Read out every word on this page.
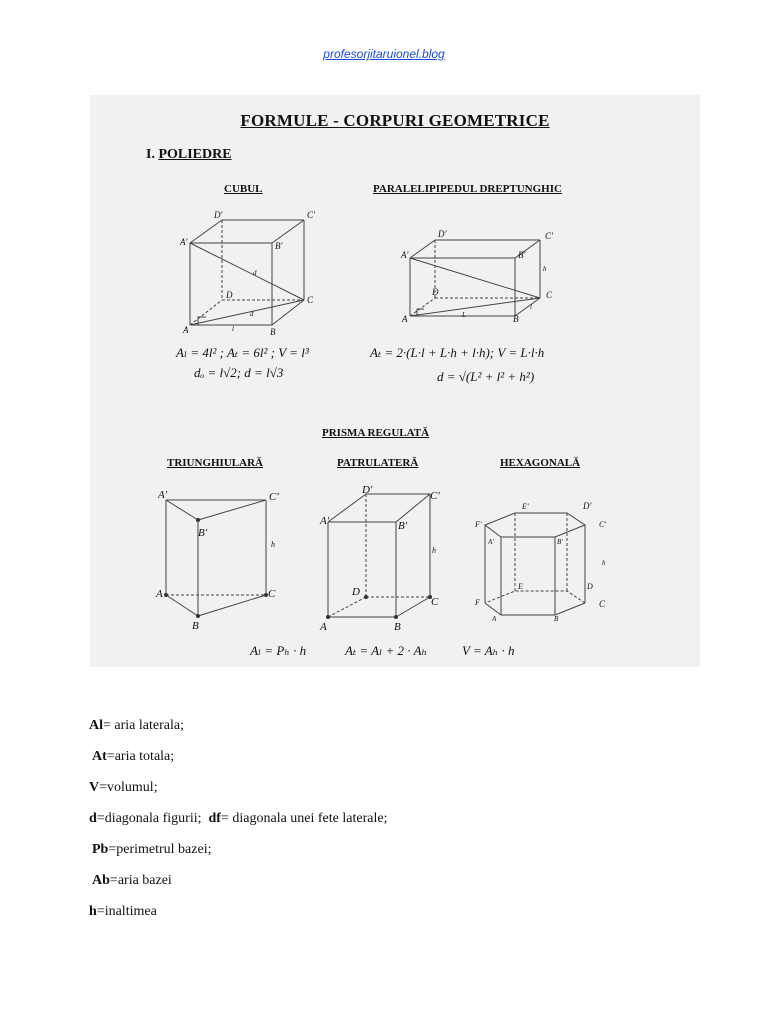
profesorjitaruionel.blog
FORMULE - CORPURI GEOMETRICE
I. POLIEDRE
CUBUL	PARALELIPIPEDUL DREPTUNGHIC
D'	C'
A'	B'
D	C
A	B
d
l
d
D'	C'
A'	B'
D	C
A	B
h
L
l
A'	C'
B'
h
A	C
B
D'	C'
A'	B'
D
C
h
A	B
E'	D'
F'	C'
A'	B'
h
E	D
F	C
A	B
Aₗ = 4l² ; Aₜ = 6l² ; V = l³
dₒ = l√2; d = l√3
Aₜ = 2·(L·l + L·h + l·h); V = L·l·h
d = √(L² + l² + h²)
PRISMA REGULATĂ
TRIUNGHIULARĂ	PATRULATERĂ	HEXAGONALĂ
Aₗ = Pₕ · h	Aₜ = Aₗ + 2 · Aₕ	V = Aₕ · h
Al= aria laterala;
At=aria totala;
V=volumul;
d=diagonala figurii; df= diagonala unei fete laterale;
Pb=perimetrul bazei;
Ab=aria bazei
h=inaltimea
